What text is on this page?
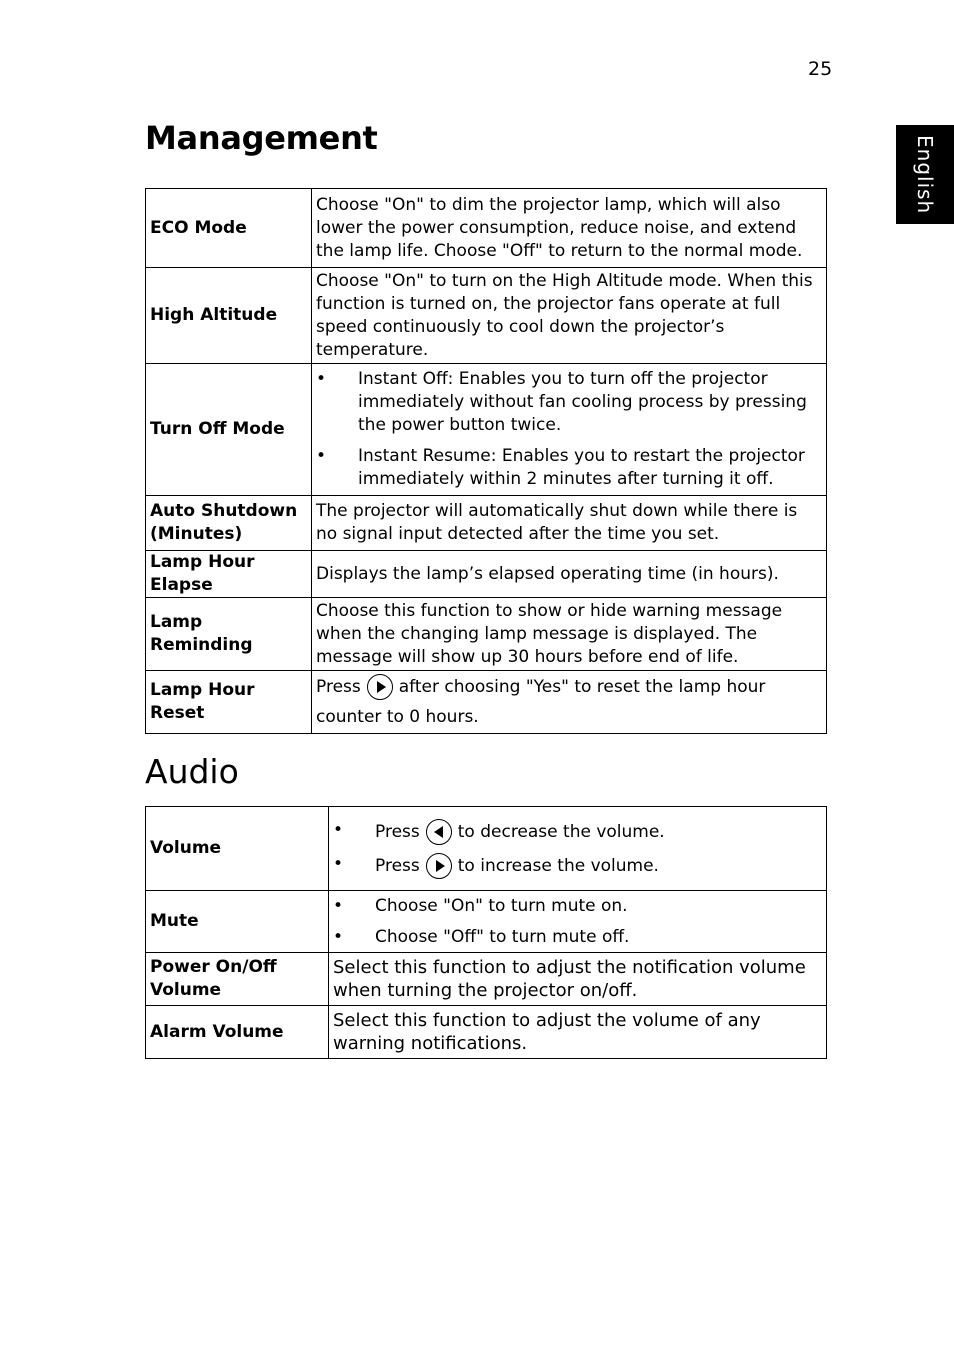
25
English
Management
ECO Mode	Choose "On" to dim the projector lamp, which will also lower the power consumption, reduce noise, and extend the lamp life. Choose "Off" to return to the normal mode.
High Altitude	Choose "On" to turn on the High Altitude mode. When this function is turned on, the projector fans operate at full speed continuously to cool down the projector’s temperature.
Turn Off Mode	• Instant Off: Enables you to turn off the projector immediately without fan cooling process by pressing the power button twice.
• Instant Resume: Enables you to restart the projector immediately within 2 minutes after turning it off.

Auto Shutdown (Minutes)	The projector will automatically shut down while there is no signal input detected after the time you set.
Lamp Hour Elapse	Displays the lamp’s elapsed operating time (in hours).
Lamp Reminding	Choose this function to show or hide warning message when the changing lamp message is displayed. The message will show up 30 hours before end of life.
Lamp Hour Reset	Press after choosing "Yes" to reset the lamp hour counter to 0 hours.
Audio
Volume	• Press to decrease the volume.
• Press to increase the volume.

Mute	• Choose "On" to turn mute on.
• Choose "Off" to turn mute off.

Power On/Off Volume	Select this function to adjust the notification volume when turning the projector on/off.
Alarm Volume	Select this function to adjust the volume of any warning notifications.
